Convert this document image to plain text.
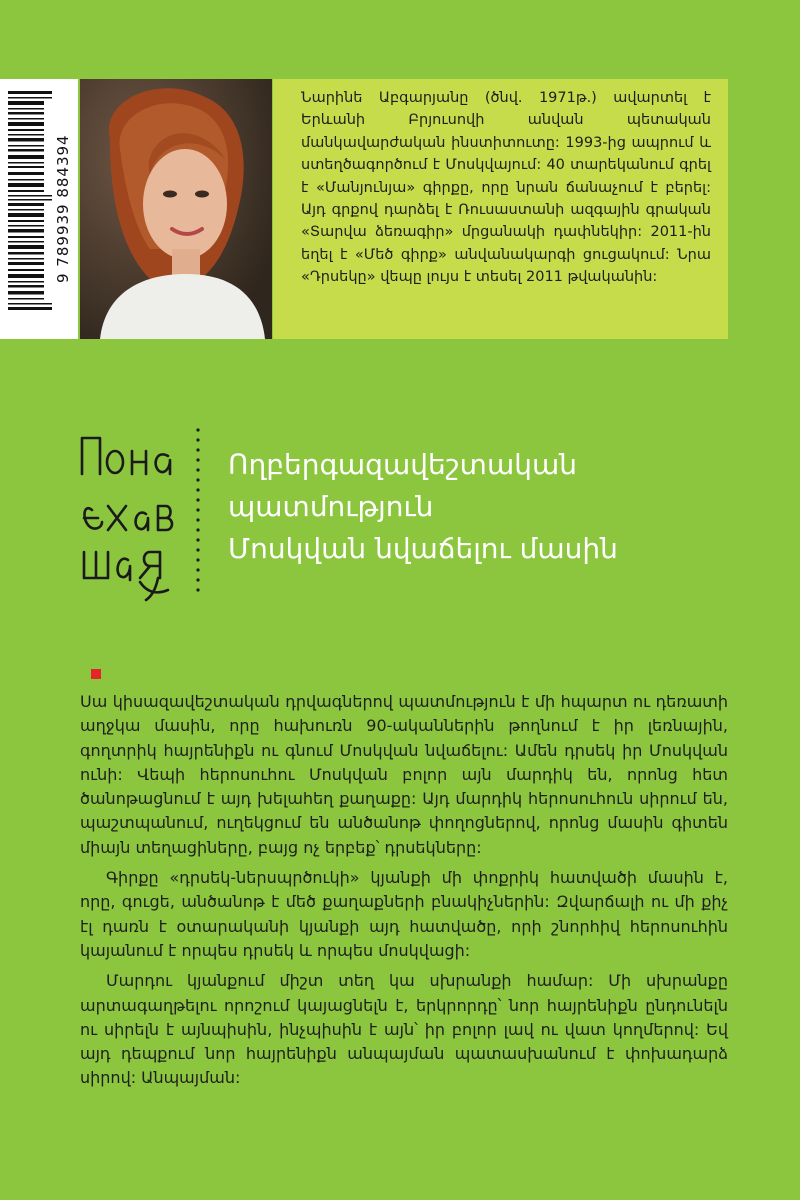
9 789939 884394
Նարինե Աբգարյանը (ծնվ. 1971թ.) ավարտել է Երևանի Բրյուսովի անվան պետական մանկավարժական ինստիտուտը: 1993-ից ապրում և ստեղծագործում է Մոսկվայում: 40 տարեկանում գրել է «Մանյունյա» գիրքը, որը նրան ճանաչում է բերել: Այդ գրքով դարձել է Ռուսաստանի ազգային գրական «Տարվա ձեռագիր» մրցանակի դափնեկիր: 2011-ին եղել է «Մեծ գիրք» անվանակարգի ցուցակում: Նրա «Դրսեկը» վեպը լույս է տեսել 2011 թվականին:
Ողբերգազավեշտական
պատմություն
Մոսկվան նվաճելու մասին

Սա կիսազավեշտական դրվագներով պատմություն է մի հպարտ ու դեռատի աղջկա մասին, որը հախուռն 90-ականներին թողնում է իր լեռնային, գողտրիկ հայրենիքն ու գնում Մոսկվան նվաճելու: Ամեն դրսեկ իր Մոսկվան ունի: Վեպի հերոսուհու Մոսկվան բոլոր այն մարդիկ են, որոնց հետ ծանոթացնում է այդ խելահեղ քաղաքը: Այդ մարդիկ հերոսուհուն սիրում են, պաշտպանում, ուղեկցում են անծանոթ փողոցներով, որոնց մասին գիտեն միայն տեղացիները, բայց ոչ երբեք՝ դրսեկները:

Գիրքը «դրսեկ-ներսպրծուկի» կյանքի մի փոքրիկ հատվածի մասին է, որը, գուցե, անծանոթ է մեծ քաղաքների բնակիչներին: Զվարճալի ու մի քիչ էլ դառն է օտարականի կյանքի այդ հատվածը, որի շնորհիվ հերոսուհին կայանում է որպես դրսեկ և որպես մոսկվացի:

Մարդու կյանքում միշտ տեղ կա սխրանքի համար: Մի սխրանքը արտագաղթելու որոշում կայացնելն է, երկրորդը՝ նոր հայրենիքն ընդունելն ու սիրելն է այնպիսին, ինչպիսին է այն՝ իր բոլոր լավ ու վատ կողմերով: Եվ այդ դեպքում նոր հայրենիքն անպայման պատասխանում է փոխադարձ սիրով: Անպայման:
